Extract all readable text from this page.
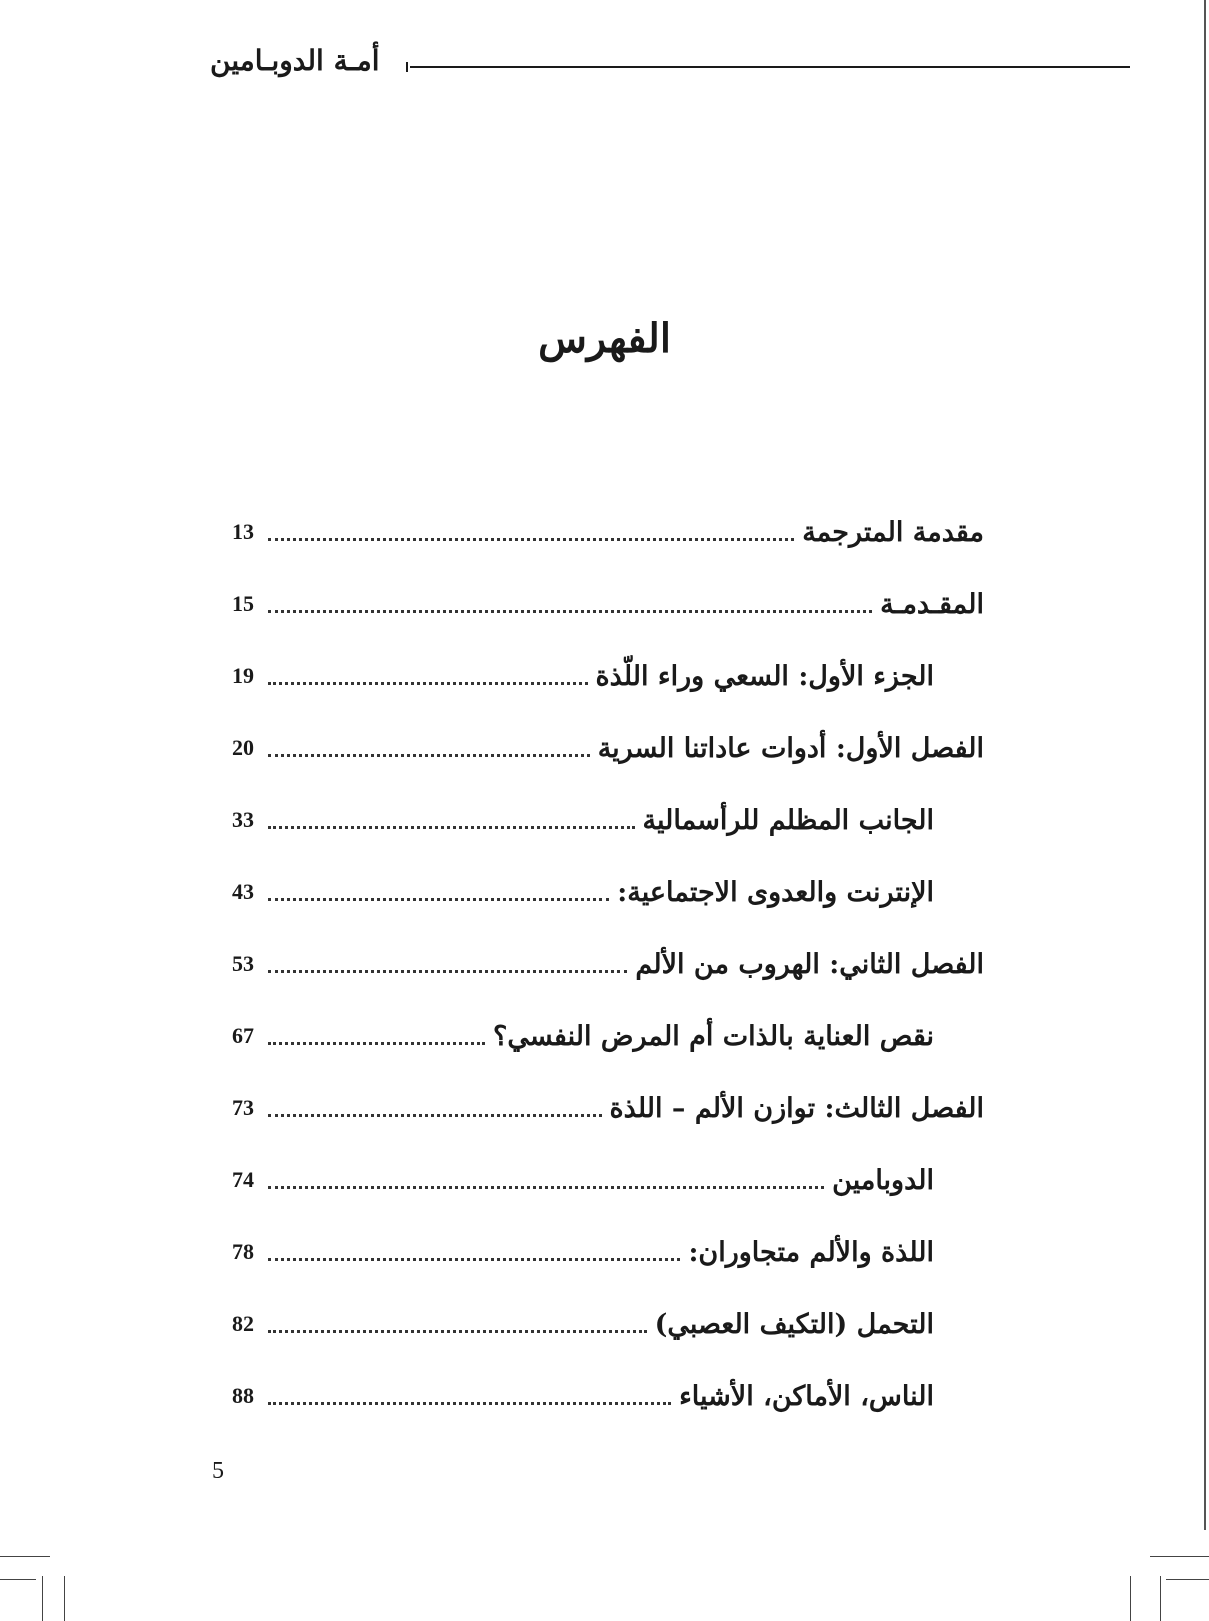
أمـة الدوبـامين
الفهرس
مقدمة المترجمة
13
المقـدمـة
15
الجزء الأول: السعي وراء اللّذة
19
الفصل الأول: أدوات عاداتنا السرية
20
الجانب المظلم للرأسمالية
33
الإنترنت والعدوى الاجتماعية:
43
الفصل الثاني: الهروب من الألم
53
نقص العناية بالذات أم المرض النفسي؟
67
الفصل الثالث: توازن الألم – اللذة
73
الدوبامين
74
اللذة والألم متجاوران:
78
التحمل (التكيف العصبي)
82
الناس، الأماكن، الأشياء
88
5
